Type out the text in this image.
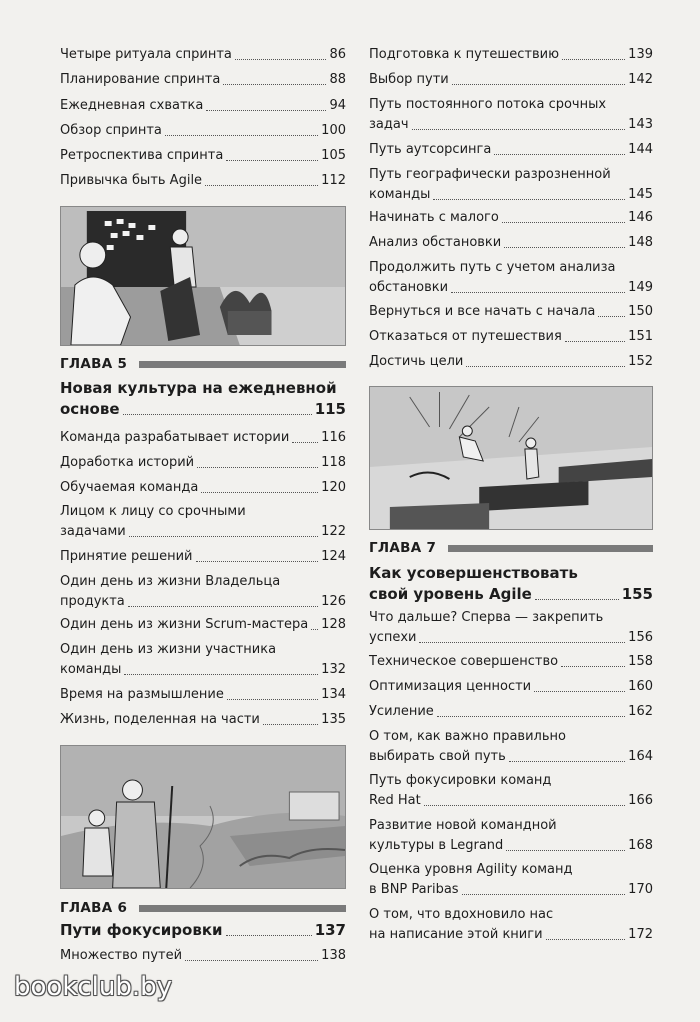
Четыре ритуала спринта	86
Планирование спринта	88
Ежедневная схватка	94
Обзор спринта	100
Ретроспектива спринта	105
Привычка быть Agile	112
ГЛАВА 5
Новая культура на ежедневной
основе	115
Команда разрабатывает истории 116
Доработка историй	118
Обучаемая команда	120
Лицом к лицу со срочными
задачами	122
Принятие решений	124
Один день из жизни Владельца
продукта	126
Один день из жизни Scrum-мастера 128
Один день из жизни участника
команды	132
Время на размышление	134
Жизнь, поделенная на части	135
ГЛАВА 6
Пути фокусировки	137
Множество путей	138
Подготовка к путешествию	139
Выбор пути	142
Путь постоянного потока срочных
задач	143
Путь аутсорсинга	144
Путь географически разрозненной
команды	145
Начинать с малого	146
Анализ обстановки	148
Продолжить путь с учетом анализа
обстановки	149
Вернуться и все начать с начала	150
Отказаться от путешествия	151
Достичь цели	152
ГЛАВА 7
Как усовершенствовать
свой уровень Agile	155
Что дальше? Сперва — закрепить
успехи	156
Техническое совершенство	158
Оптимизация ценности	160
Усиление	162
О том, как важно правильно
выбирать свой путь	164
Путь фокусировки команд
Red Hat	166
Развитие новой командной
культуры в Legrand	168
Оценка уровня Agility команд
в BNP Paribas	170
О том, что вдохновило нас
на написание этой книги	172
bookclub.by
